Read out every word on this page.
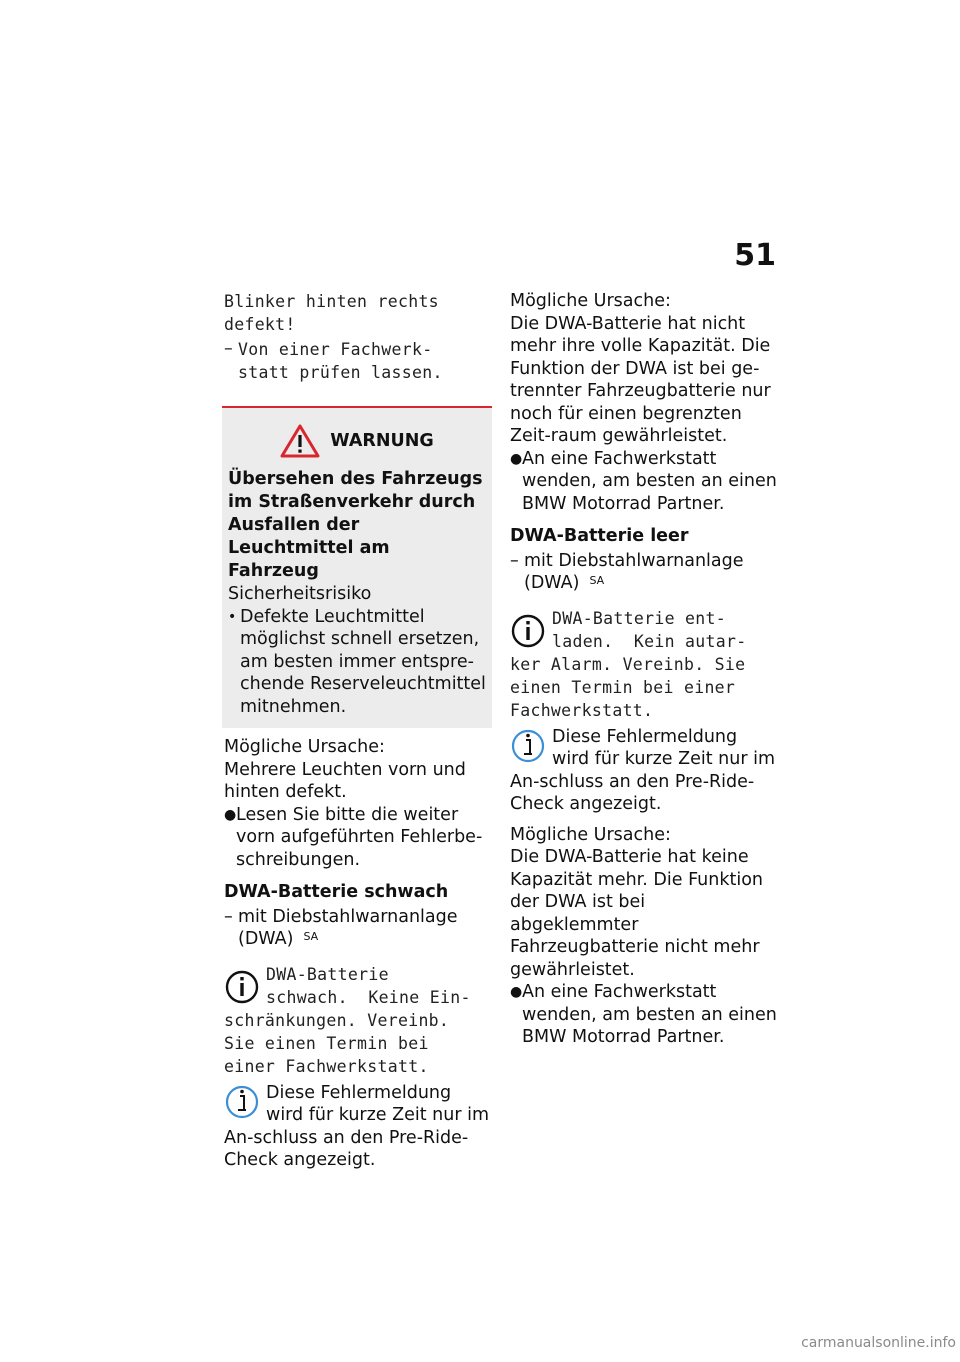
51
Blinker hinten rechts
defekt!
– Von einer Fachwerk-
statt prüfen lassen.
WARNUNG
Übersehen des Fahrzeugs im Straßenverkehr durch Ausfallen der Leuchtmittel am Fahrzeug
Sicherheitsrisiko
• Defekte Leuchtmittel möglichst schnell ersetzen, am besten immer entspre-chende Reserveleuchtmittel mitnehmen.
Mögliche Ursache:
Mehrere Leuchten vorn und hinten defekt.
● Lesen Sie bitte die weiter vorn aufgeführten Fehlerbe-schreibungen.
DWA-Batterie schwach
– mit Diebstahlwarnanlage (DWA) $^{SA}$
DWA-Batterie
schwach.  Keine Ein-
schränkungen. Vereinb.
Sie einen Termin bei
einer Fachwerkstatt.
Diese Fehlermeldung wird für kurze Zeit nur im An-schluss an den Pre-Ride-Check angezeigt.
Mögliche Ursache:
Die DWA-Batterie hat nicht mehr ihre volle Kapazität. Die Funktion der DWA ist bei ge-trennter Fahrzeugbatterie nur noch für einen begrenzten Zeit-raum gewährleistet.
● An eine Fachwerkstatt wenden, am besten an einen BMW Motorrad Partner.
DWA-Batterie leer
– mit Diebstahlwarnanlage (DWA) $^{SA}$
DWA-Batterie ent-
laden.  Kein autar-
ker Alarm. Vereinb. Sie
einen Termin bei einer
Fachwerkstatt.
Diese Fehlermeldung wird für kurze Zeit nur im An-schluss an den Pre-Ride-Check angezeigt.
Mögliche Ursache:
Die DWA-Batterie hat keine Kapazität mehr. Die Funktion der DWA ist bei abgeklemmter Fahrzeugbatterie nicht mehr gewährleistet.
● An eine Fachwerkstatt wenden, am besten an einen BMW Motorrad Partner.
carmanualsonline.info
